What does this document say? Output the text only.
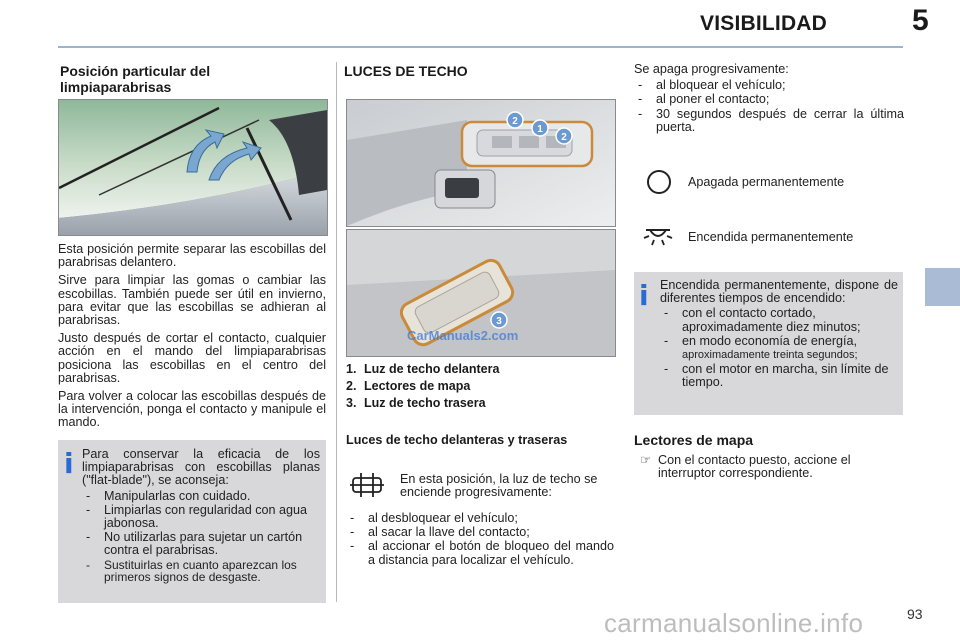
VISIBILIDAD	5
Posición particular del
limpiaparabrisas

Esta posición permite separar las escobillas del parabrisas delantero.

Sirve para limpiar las gomas o cambiar las escobillas. También puede ser útil en invierno, para evitar que las escobillas se adhieran al parabrisas.

Justo después de cortar el contacto, cualquier acción en el mando del limpiaparabrisas posiciona las escobillas en el centro del parabrisas.

Para volver a colocar las escobillas después de la intervención, ponga el contacto y manipule el mando.

i Para conservar la eficacia de los limpiaparabrisas con escobillas planas ("flat-blade"), se aconseja:

- Manipularlas con cuidado.
- Limpiarlas con regularidad con agua jabonosa.
- No utilizarlas para sujetar un cartón contra el parabrisas.
- Sustituirlas en cuanto aparezcan los primeros signos de desgaste.
LUCES DE TECHO
2
1
2
3
CarManuals2.com
1. Luz de techo delantera
2. Lectores de mapa
3. Luz de techo trasera
Luces de techo delanteras y traseras
En esta posición, la luz de techo se enciende progresivamente:
- al desbloquear el vehículo;
- al sacar la llave del contacto;
- al accionar el botón de bloqueo del mando a distancia para localizar el vehículo.

Se apaga progresivamente:

- al bloquear el vehículo;
- al poner el contacto;
- 30 segundos después de cerrar la última puerta.
Apagada permanentemente
Encendida permanentemente
i Encendida permanentemente, dispone de diferentes tiempos de encendido:

- con el contacto cortado, aproximadamente diez minutos;
- en modo economía de energía,
aproximadamente treinta segundos;
- con el motor en marcha, sin límite de tiempo.
Lectores de mapa
☞ Con el contacto puesto, accione el interruptor correspondiente.
93
carmanualsonline.info
